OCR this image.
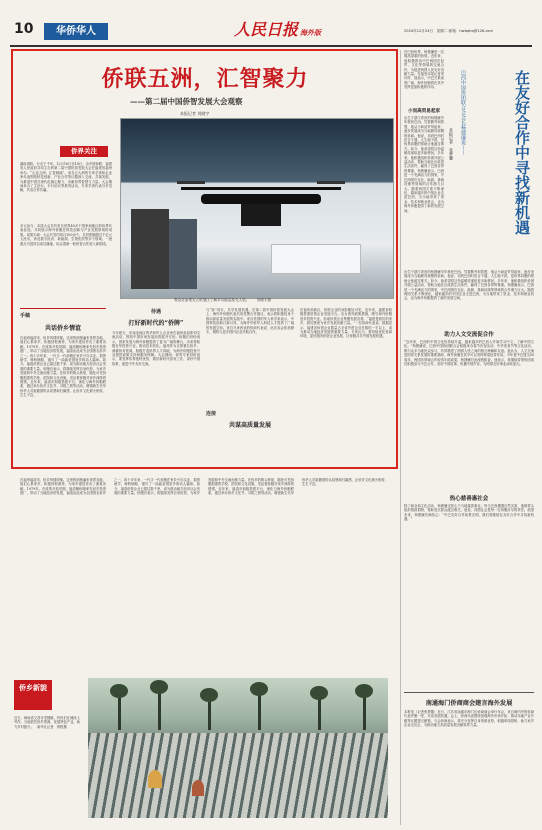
10	华侨华人	人民日报 海外版	2024年12月24日　星期二 邮箱：hwbqhq@126.com
侨联五洲，汇智聚力
——第二届中国侨智发展大会观察
本报记者 刘晓宇
侨界关注
湖南浏阳，行走于千年。12月16日至18日，由中国侨联、福建省人民政府共同主办的第二届中国侨智发展大会在福建省福州举办。“心连五洲，汇智赋能”。来自五大洲的专家学者和企业家代表围绕科技创新、产业合作等议题深入交流，共谋发展，为推进中国式现代化凝心聚力，贡献侨界智慧与力量。大会期间举办了主论坛、平行论坛等系列活动，专家学者代表分享见解，共话合作共赢。
多元参与：本届大会共有来自世界40多个国家和地区的侨界代表参加，共同展示海外侨胞在科技创新与产业发展领域的成果。成果丰硕：大会共签约项目100余个，总投资额超过千亿元人民币，涉及数字经济、新能源、生物医药等多个领域。一批重点引进项目成功落地，标志着新一轮侨智合作进入新阶段。
观众在参观无人机展区了解多功能巡检无人机。　　刘晓宇摄
手稿
共话侨乡情谊
在福州福清市，侨乡风情浓郁。这里的侨胞遍布世界各地，他们心系家乡，积极回报桑梓，为家乡建设作出了重要贡献。1979年，在改革开放初期，福清籍侨胞率先回乡投资建厂，带动了当地经济的发展，福清由此成为全国著名侨乡之一。四十多年来，一代又一代侨胞在家乡兴办实业、捐资助学、修桥铺路，谱写了一曲曲爱国爱乡的动人篇章。如今，福清侨资企业已超过数千家，成为推动地方经济社会发展的重要力量。侨胞们表示，将继续发挥自身优势，为家乡发展和中外交流贡献力量。在侨乡的街头巷尾，随处可见侨胞捐建的学校、医院和文化设施，见证着侨胞对家乡深厚的情感。近年来，福清市积极搭建平台，深化与海外侨胞联系，通过举办侨乡文化节、寻根之旅等活动，增强新生代华侨华人对祖籍国的认同感和归属感，让侨乡文化薪火相传、生生不息。
待遇
打好新时代的“侨牌”
今年夏天，东南亚地区的华侨华人企业家在福州参加系列交流活动，围绕中国市场发展前景展开讨论。侨胞们纷纷表示，国家发展为海外侨胞提供了更为广阔的舞台，未来将积极在华投资兴业，推动技术转化。福州作为全国著名侨乡，深耕侨务资源，积极打造侨界人才高地，为海外侨胞投资兴业提供政策支持和服务保障。大会期间，侨界专家纷纷表示，要发挥侨界独特优势，做好新时代侨务工作，讲好中国故事，促进中外友好交流。
与“侨”同行，共享发展机遇。在第二届中国侨智发展大会上，海内外侨胞代表共同签署合作倡议，表示将积极投身于推动高质量发展的实践中。来自美国的华人科学家表示，中国科技创新日新月异，为海外华侨华人科技人才提供了广阔的发展空间。来自马来西亚的侨商代表说，此次参会收获颇丰，期待与更多国内企业开展合作。
连接
共谋高质量发展
在福州高新区，侨资企业的身影随处可见。近年来，福建省积极搭建侨资企业发展平台，出台系列政策措施，吸引海外侨胞回乡投资兴业，形成侨资企业集聚发展态势。“福建是我们的家乡，我们愿意为家乡发展贡献力量。”一位侨商代表说。数据显示，福建省侨资企业数量占全省外资企业总数的一半以上，成为推动当地经济发展的重要力量。专家认为，要持续优化营商环境，更好服务侨资企业发展，让侨胞共享中国发展机遇。
在福州福清市，侨乡风情浓郁。这里的侨胞遍布世界各地，他们心系家乡，积极回报桑梓，为家乡建设作出了重要贡献。1979年，在改革开放初期，福清籍侨胞率先回乡投资建厂，带动了当地经济的发展，福清由此成为全国著名侨乡之一。四十多年来，一代又一代侨胞在家乡兴办实业、捐资助学、修桥铺路，谱写了一曲曲爱国爱乡的动人篇章。如今，福清侨资企业已超过数千家，成为推动地方经济社会发展的重要力量。侨胞们表示，将继续发挥自身优势，为家乡发展和中外交流贡献力量。在侨乡的街头巷尾，随处可见侨胞捐建的学校、医院和文化设施，见证着侨胞对家乡深厚的情感。近年来，福清市积极搭建平台，深化与海外侨胞联系，通过举办侨乡文化节、寻根之旅等活动，增强新生代华侨华人对祖籍国的认同感和归属感，让侨乡文化薪火相传、生生不息。
侨乡新貌
近日，海南省文昌市龙楼镇，村民们在滩涂上劳作。当地依托侨乡资源，发展特色产业，助力乡村振兴。　新华社记者　郭程摄
在巴西侨界，杨捷廉是一位德高望重的侨领。近年来，他积极推动中巴两国在经贸、文化等领域的交流合作，为促进两国人民友好贡献力量。在接受本报记者采访时，他表示，中巴关系前景广阔，海外侨胞将在其中发挥更加积极的作用。
小而高贸易起家
出生于浙江青田的杨捷廉早年移民巴西。凭着勤劳和智慧，他从小商品贸易起家，逐步发展成为当地颇具规模的侨商。他说，初到巴西时语言不通、人生地不熟，是侨界同胞的帮助让他渡过难关。如今，他希望将这份温暖传递给更多新移民。多年来，他积极组织侨团开展公益活动，帮助当地社区改善生活条件，赢得了巴西各界的尊重。杨捷廉表示，巴西是一个充满活力的国家，中巴两国在农业、能源、基础设施等领域的合作潜力巨大。随着两国关系不断深化，越来越多的中国企业走进巴西，为当地带来了资金、技术和就业机会，也为海外侨胞提供了新的发展空间。
巴西中国侨团联合会会长杨捷廉说——	在友好合作中寻找新机遇
本报记者　张梦馨
出生于浙江青田的杨捷廉早年移民巴西。凭着勤劳和智慧，他从小商品贸易起家，逐步发展成为当地颇具规模的侨商。他说，初到巴西时语言不通、人生地不熟，是侨界同胞的帮助让他渡过难关。如今，他希望将这份温暖传递给更多新移民。多年来，他积极组织侨团开展公益活动，帮助当地社区改善生活条件，赢得了巴西各界的尊重。杨捷廉表示，巴西是一个充满活力的国家，中巴两国在农业、能源、基础设施等领域的合作潜力巨大。随着两国关系不断深化，越来越多的中国企业走进巴西，为当地带来了资金、技术和就业机会，也为海外侨胞提供了新的发展空间。
助力人文交流促合作
“近年来，巴西的中国文化热持续升温，越来越多的巴西人开始学习中文、了解中国文化。”杨捷廉说，巴西中国侨团联合会积极举办春节庆祝活动、中华美食节等文化活动，吸引众多当地民众参与，有效增进了两国人民之间的相互理解和友谊。他认为，人文交流是国家关系发展的重要基础，海外侨胞在其中可以发挥桥梁纽带作用。今年是中巴建交50周年，两国各领域合作取得丰硕成果，杨捷廉对此深感振奋。他表示，将继续带领侨团成员积极参与中巴合作，讲好中国故事，传播中国声音，为两国友好事业添砖加瓦。
热心慈善惠社会
除了商业和文化活动，杨捷廉还热心于当地慈善事业。每当巴西遭遇自然灾害，他都带头组织捐款捐物，帮助受灾群众渡过难关。他说，回馈社会是每一位侨胞应尽的责任。展望未来，杨捷廉充满信心：“中巴友好合作前景光明，我们将继续在友好合作中寻找新机遇。”
南通海门侨商商会建言海外发展
本报电（记者张梦馨）近日，江苏省南通市海门区侨商商会举行年会，来自海内外的侨商代表齐聚一堂，共话发展机遇。会上，侨商代表围绕加强海外市场开拓、推动本地产业升级等议题建言献策。与会侨商表示，将充分发挥自身资源优势，积极牵线搭桥，助力家乡企业走出去，为推动地方高质量发展贡献侨界力量。
